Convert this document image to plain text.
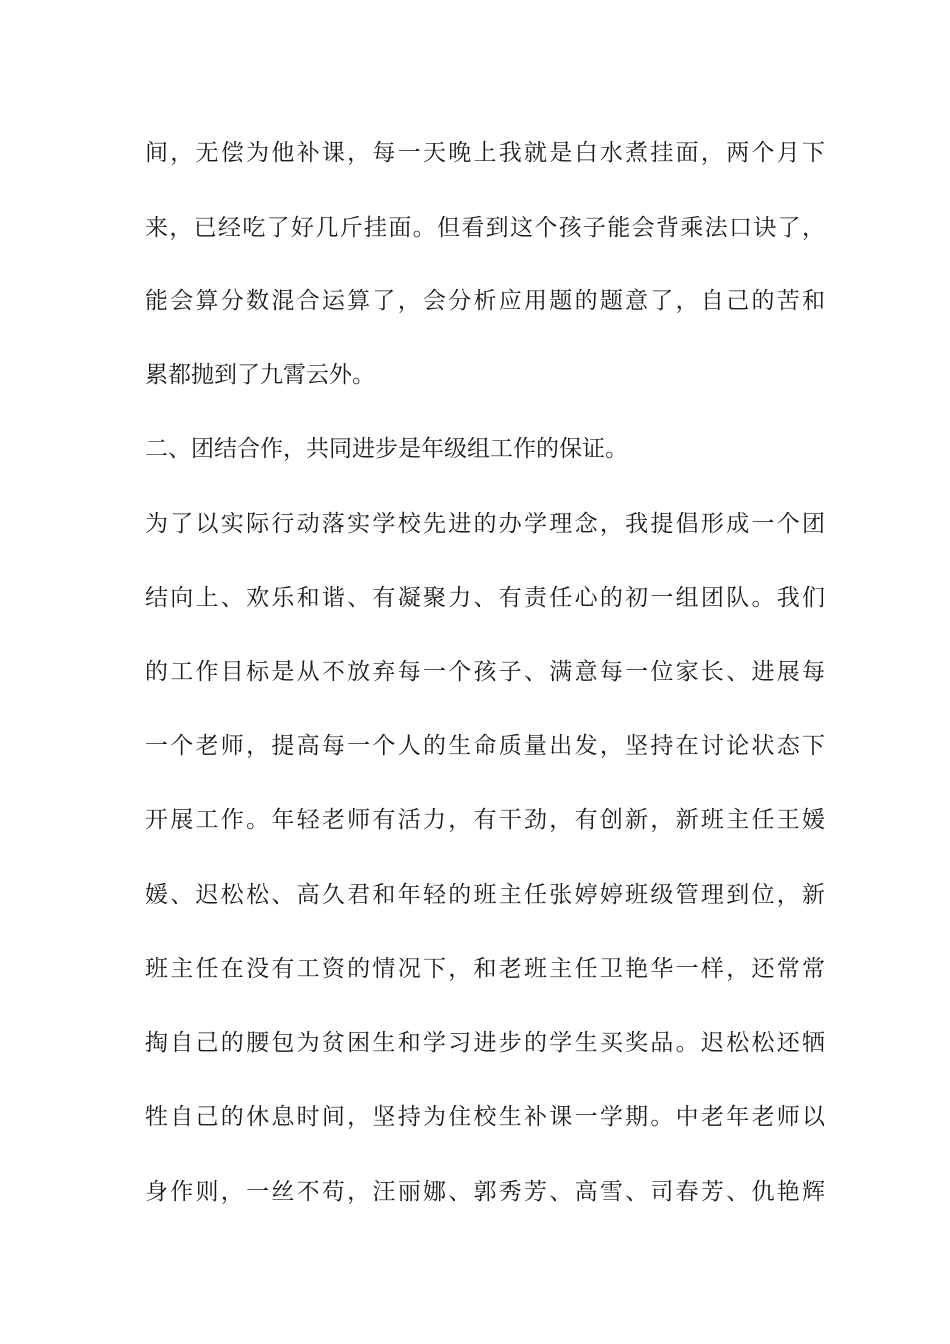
间，无偿为他补课，每一天晚上我就是白水煮挂面，两个月下
来，已经吃了好几斤挂面。但看到这个孩子能会背乘法口诀了，
能会算分数混合运算了，会分析应用题的题意了，自己的苦和
累都抛到了九霄云外。
二、团结合作，共同进步是年级组工作的保证。
为了以实际行动落实学校先进的办学理念，我提倡形成一个团
结向上、欢乐和谐、有凝聚力、有责任心的初一组团队。我们
的工作目标是从不放弃每一个孩子、满意每一位家长、进展每
一个老师，提高每一个人的生命质量出发，坚持在讨论状态下
开展工作。年轻老师有活力，有干劲，有创新，新班主任王媛
媛、迟松松、高久君和年轻的班主任张婷婷班级管理到位，新
班主任在没有工资的情况下，和老班主任卫艳华一样，还常常
掏自己的腰包为贫困生和学习进步的学生买奖品。迟松松还牺
牲自己的休息时间，坚持为住校生补课一学期。中老年老师以
身作则，一丝不苟，汪丽娜、郭秀芳、高雪、司春芳、仇艳辉
